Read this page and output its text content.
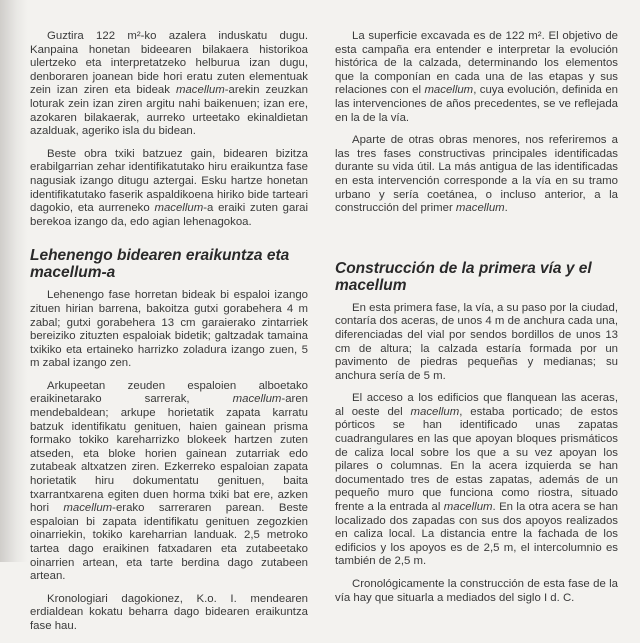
Guztira 122 m²-ko azalera induskatu dugu. Kanpaina honetan bideearen bilakaera historikoa ulertzeko eta interpretatzeko helburua izan dugu, denboraren joanean bide hori eratu zuten elementuak zein izan ziren eta bideak macellum-arekin zeuzkan loturak zein izan ziren argitu nahi baikenuen; izan ere, azokaren bilakaerak, aurreko urteetako ekinaldietan azalduak, ageriko isla du bidean.

Beste obra txiki batzuez gain, bidearen bizitza erabilgarrian zehar identifikatutako hiru eraikuntza fase nagusiak izango ditugu aztergai. Esku hartze honetan identifikatutako faserik aspaldikoena hiriko bide tarteari dagokio, eta aurreneko macellum-a eraiki zuten garai berekoa izango da, edo agian lehenagokoa.

Lehenengo bidearen eraikuntza eta macellum-a

Lehenengo fase horretan bideak bi espaloi izango zituen hirian barrena, bakoitza gutxi gorabehera 4 m zabal; gutxi gorabehera 13 cm garaierako zintarriek bereiziko zituzten espaloiak bidetik; galtzadak tamaina txikiko eta ertaineko harrizko zoladura izango zuen, 5 m zabal izango zen.

Arkupeetan zeuden espaloien alboetako eraikinetarako sarrerak, macellum-aren mendebaldean; arkupe horietatik zapata karratu batzuk identifikatu genituen, haien gainean prisma formako tokiko kareharrizko blokeek hartzen zuten atseden, eta bloke horien gainean zutarriak edo zutabeak altxatzen ziren. Ezkerreko espaloian zapata horietatik hiru dokumentatu genituen, baita txarrantxarena egiten duen horma txiki bat ere, azken hori macellum-erako sarreraren parean. Beste espaloian bi zapata identifikatu genituen zegozkien oinarriekin, tokiko kareharrian landuak. 2,5 metroko tartea dago eraikinen fatxadaren eta zutabeetako oinarrien artean, eta tarte berdina dago zutabeen artean.

Kronologiari dagokionez, K.o. I. mendearen erdialdean kokatu beharra dago bidearen eraikuntza fase hau.

La superficie excavada es de 122 m². El objetivo de esta campaña era entender e interpretar la evolución histórica de la calzada, determinando los elementos que la componían en cada una de las etapas y sus relaciones con el macellum, cuya evolución, definida en las intervenciones de años precedentes, se ve reflejada en la de la vía.

Aparte de otras obras menores, nos referiremos a las tres fases constructivas principales identificadas durante su vida útil. La más antigua de las identificadas en esta intervención corresponde a la vía en su tramo urbano y sería coetánea, o incluso anterior, a la construcción del primer macellum.

Construcción de la primera vía y el macellum

En esta primera fase, la vía, a su paso por la ciudad, contaría dos aceras, de unos 4 m de anchura cada una, diferenciadas del vial por sendos bordillos de unos 13 cm de altura; la calzada estaría formada por un pavimento de piedras pequeñas y medianas; su anchura sería de 5 m.

El acceso a los edificios que flanquean las aceras, al oeste del macellum, estaba porticado; de estos pórticos se han identificado unas zapatas cuadrangulares en las que apoyan bloques prismáticos de caliza local sobre los que a su vez apoyan los pilares o columnas. En la acera izquierda se han documentado tres de estas zapatas, además de un pequeño muro que funciona como riostra, situado frente a la entrada al macellum. En la otra acera se han localizado dos zapadas con sus dos apoyos realizados en caliza local. La distancia entre la fachada de los edificios y los apoyos es de 2,5 m, el intercolumnio es también de 2,5 m.

Cronológicamente la construcción de esta fase de la vía hay que situarla a mediados del siglo I d. C.
